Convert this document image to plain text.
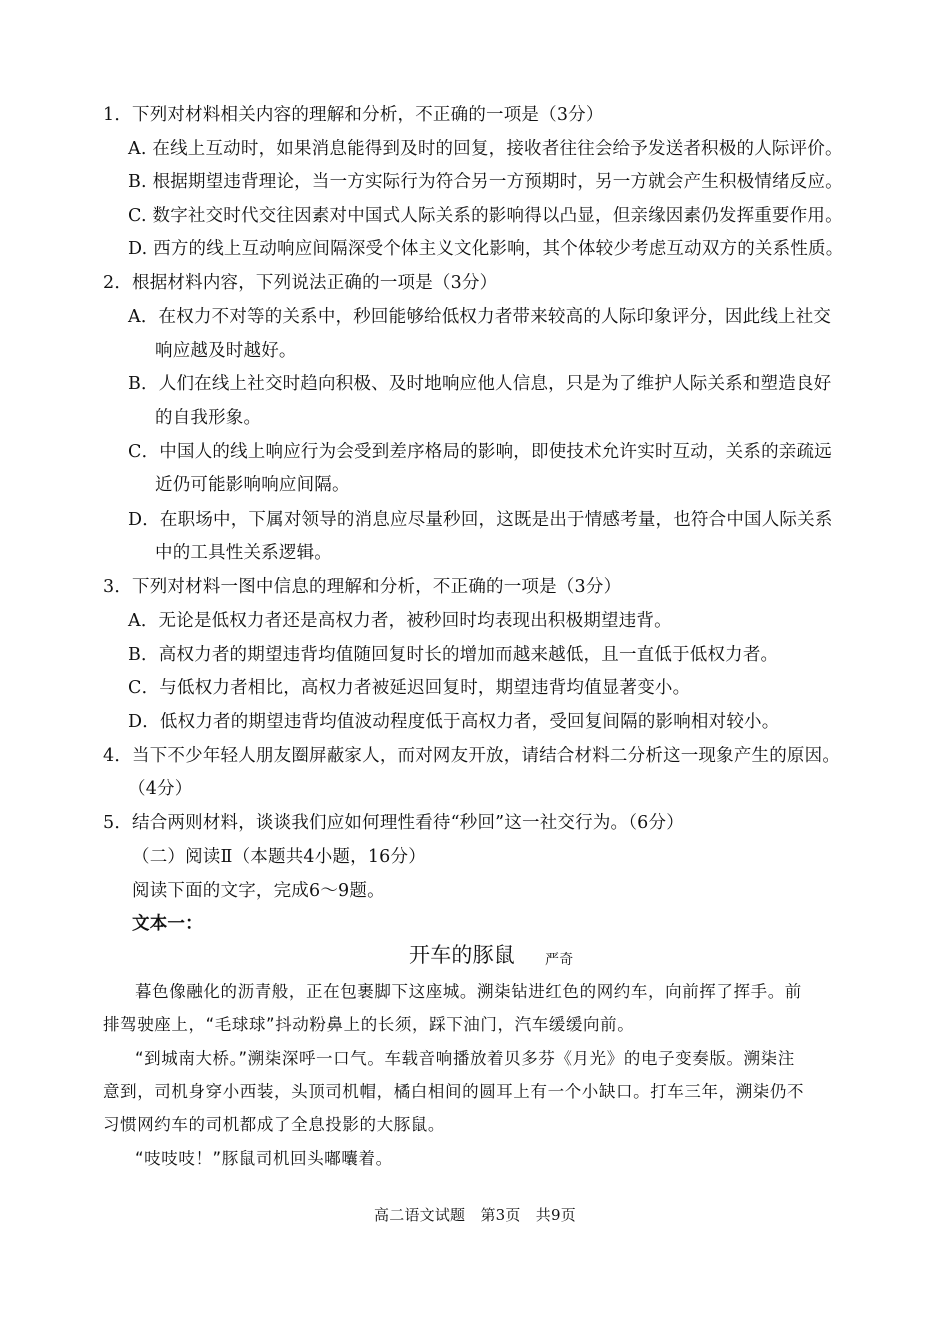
1．下列对材料相关内容的理解和分析，不正确的一项是（3分）
A. 在线上互动时，如果消息能得到及时的回复，接收者往往会给予发送者积极的人际评价。
B. 根据期望违背理论，当一方实际行为符合另一方预期时，另一方就会产生积极情绪反应。
C. 数字社交时代交往因素对中国式人际关系的影响得以凸显，但亲缘因素仍发挥重要作用。
D. 西方的线上互动响应间隔深受个体主义文化影响，其个体较少考虑互动双方的关系性质。
2．根据材料内容，下列说法正确的一项是（3分）
A．在权力不对等的关系中，秒回能够给低权力者带来较高的人际印象评分，因此线上社交
响应越及时越好。
B．人们在线上社交时趋向积极、及时地响应他人信息，只是为了维护人际关系和塑造良好
的自我形象。
C．中国人的线上响应行为会受到差序格局的影响，即使技术允许实时互动，关系的亲疏远
近仍可能影响响应间隔。
D．在职场中，下属对领导的消息应尽量秒回，这既是出于情感考量，也符合中国人际关系
中的工具性关系逻辑。
3．下列对材料一图中信息的理解和分析，不正确的一项是（3分）
A．无论是低权力者还是高权力者，被秒回时均表现出积极期望违背。
B．高权力者的期望违背均值随回复时长的增加而越来越低，且一直低于低权力者。
C．与低权力者相比，高权力者被延迟回复时，期望违背均值显著变小。
D．低权力者的期望违背均值波动程度低于高权力者，受回复间隔的影响相对较小。
4．当下不少年轻人朋友圈屏蔽家人，而对网友开放，请结合材料二分析这一现象产生的原因。
（4分）
5．结合两则材料，谈谈我们应如何理性看待“秒回”这一社交行为。（6分）
（二）阅读Ⅱ（本题共4小题，16分）
阅读下面的文字，完成6～9题。
文本一：
开车的豚鼠 严奇
暮色像融化的沥青般，正在包裹脚下这座城。溯柒钻进红色的网约车，向前挥了挥手。前
排驾驶座上，“毛球球”抖动粉鼻上的长须，踩下油门，汽车缓缓向前。
“到城南大桥。”溯柒深呼一口气。车载音响播放着贝多芬《月光》的电子变奏版。溯柒注
意到，司机身穿小西装，头顶司机帽，橘白相间的圆耳上有一个小缺口。打车三年，溯柒仍不
习惯网约车的司机都成了全息投影的大豚鼠。
“吱吱吱！”豚鼠司机回头嘟囔着。
高二语文试题　第3页　共9页
